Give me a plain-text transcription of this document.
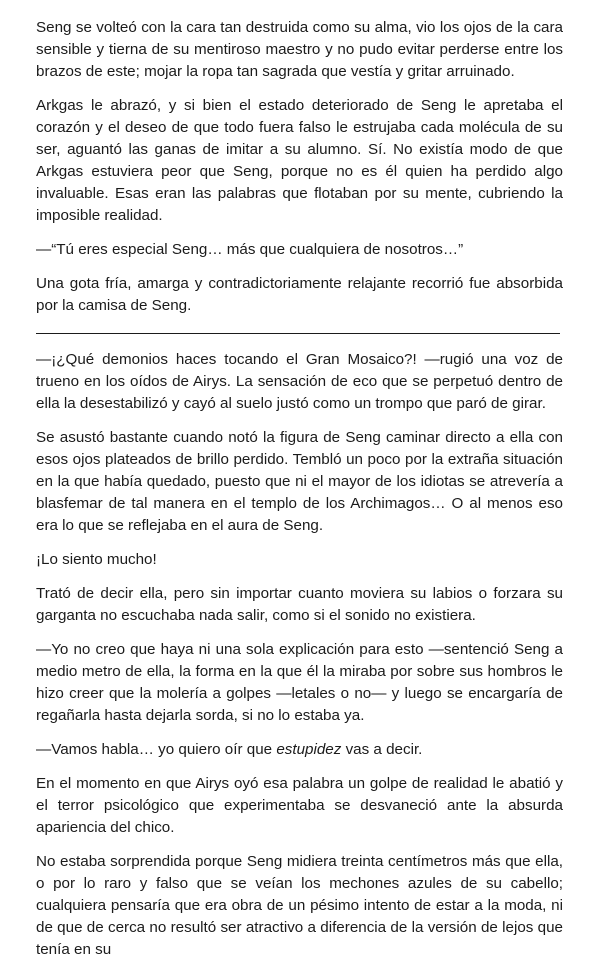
Seng se volteó con la cara tan destruida como su alma, vio los ojos de la cara sensible y tierna de su mentiroso maestro y no pudo evitar perderse entre los brazos de este; mojar la ropa tan sagrada que vestía y gritar arruinado.

Arkgas le abrazó, y si bien el estado deteriorado de Seng le apretaba el corazón y el deseo de que todo fuera falso le estrujaba cada molécula de su ser, aguantó las ganas de imitar a su alumno. Sí. No existía modo de que Arkgas estuviera peor que Seng, porque no es él quien ha perdido algo invaluable. Esas eran las palabras que flotaban por su mente, cubriendo la imposible realidad.

—“Tú eres especial Seng… más que cualquiera de nosotros…”

Una gota fría, amarga y contradictoriamente relajante recorrió fue absorbida por la camisa de Seng.

—¡¿Qué demonios haces tocando el Gran Mosaico?! —rugió una voz de trueno en los oídos de Airys. La sensación de eco que se perpetuó dentro de ella la desestabilizó y cayó al suelo justó como un trompo que paró de girar.

Se asustó bastante cuando notó la figura de Seng caminar directo a ella con esos ojos plateados de brillo perdido. Tembló un poco por la extraña situación en la que había quedado, puesto que ni el mayor de los idiotas se atrevería a blasfemar de tal manera en el templo de los Archimagos… O al menos eso era lo que se reflejaba en el aura de Seng.

¡Lo siento mucho!

Trató de decir ella, pero sin importar cuanto moviera su labios o forzara su garganta no escuchaba nada salir, como si el sonido no existiera.

—Yo no creo que haya ni una sola explicación para esto —sentenció Seng a medio metro de ella, la forma en la que él la miraba por sobre sus hombros le hizo creer que la molería a golpes —letales o no— y luego se encargaría de regañarla hasta dejarla sorda, si no lo estaba ya.

—Vamos habla… yo quiero oír que estupidez vas a decir.

En el momento en que Airys oyó esa palabra un golpe de realidad le abatió y el terror psicológico que experimentaba se desvaneció ante la absurda apariencia del chico.

No estaba sorprendida porque Seng midiera treinta centímetros más que ella, o por lo raro y falso que se veían los mechones azules de su cabello; cualquiera pensaría que era obra de un pésimo intento de estar a la moda, ni de que de cerca no resultó ser atractivo a diferencia de la versión de lejos que tenía en su
